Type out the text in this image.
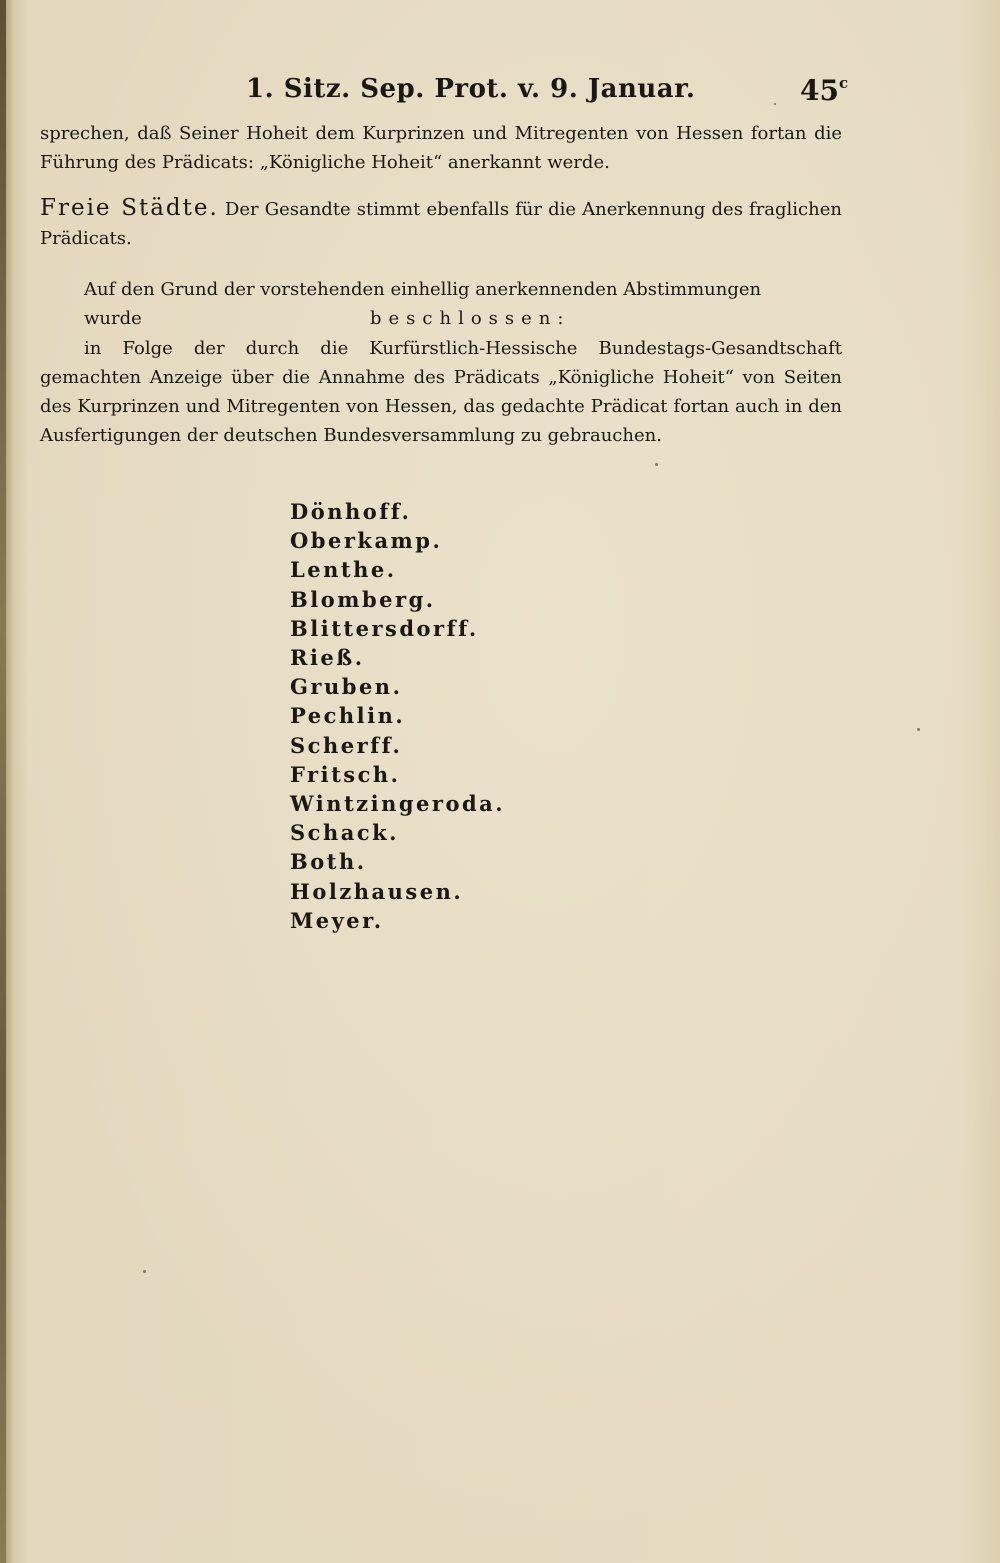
1. Sitz. Sep. Prot. v. 9. Januar.	45$^c$
sprechen, daß Seiner Hoheit dem Kurprinzen und Mitregenten von Hessen fortan die Führung des Prädicats: „Königliche Hoheit“ anerkannt werde.
Freie Städte. Der Gesandte stimmt ebenfalls für die Anerkennung des fraglichen Prädicats.
Auf den Grund der vorstehenden einhellig anerkennenden Abstimmungen wurde	beschlossen:
in Folge der durch die Kurfürstlich-Hessische Bundestags-Gesandtschaft gemachten Anzeige über die Annahme des Prädicats „Königliche Hoheit“ von Seiten des Kurprinzen und Mitregenten von Hessen, das gedachte Prädicat fortan auch in den Ausfertigungen der deutschen Bundesversammlung zu gebrauchen.
Dönhoff.
Oberkamp.
Lenthe.
Blomberg.
Blittersdorff.
Rieß.
Gruben.
Pechlin.
Scherff.
Fritsch.
Wintzingeroda.
Schack.
Both.
Holzhausen.
Meyer.
